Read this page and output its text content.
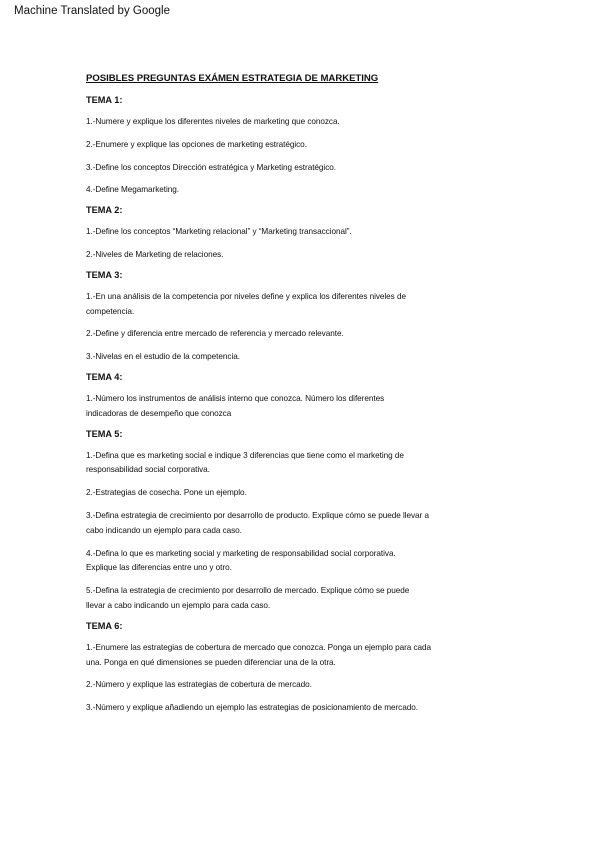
Machine Translated by Google
POSIBLES PREGUNTAS EXÁMEN ESTRATEGIA DE MARKETING
TEMA 1:
1.-Numere y explique los diferentes niveles de marketing que conozca.
2.-Enumere y explique las opciones de marketing estratégico.
3.-Define los conceptos Dirección estratégica y Marketing estratégico.
4.-Define Megamarketing.
TEMA 2:
1.-Define los conceptos “Marketing relacional” y “Marketing transaccional”.
2.-Niveles de Marketing de relaciones.
TEMA 3:
1.-En una análisis de la competencia por niveles define y explica los diferentes niveles de
competencia.
2.-Define y diferencia entre mercado de referencia y mercado relevante.
3.-Nivelas en el estudio de la competencia.
TEMA 4:
1.-Número los instrumentos de análisis interno que conozca. Número los diferentes
indicadoras de desempeño que conozca
TEMA 5:
1.-Defina que es marketing social e indique 3 diferencias que tiene como el marketing de
responsabilidad social corporativa.
2.-Estrategias de cosecha. Pone un ejemplo.
3.-Defina estrategia de crecimiento por desarrollo de producto. Explique cómo se puede llevar a
cabo indicando un ejemplo para cada caso.
4.-Defina lo que es marketing social y marketing de responsabilidad social corporativa.
Explique las diferencias entre uno y otro.
5.-Defina la estrategia de crecimiento por desarrollo de mercado. Explique cómo se puede
llevar a cabo indicando un ejemplo para cada caso.
TEMA 6:
1.-Enumere las estrategias de cobertura de mercado que conozca. Ponga un ejemplo para cada
una. Ponga en qué dimensiones se pueden diferenciar una de la otra.
2.-Número y explique las estrategias de cobertura de mercado.
3.-Número y explique añadiendo un ejemplo las estrategias de posicionamiento de mercado.
